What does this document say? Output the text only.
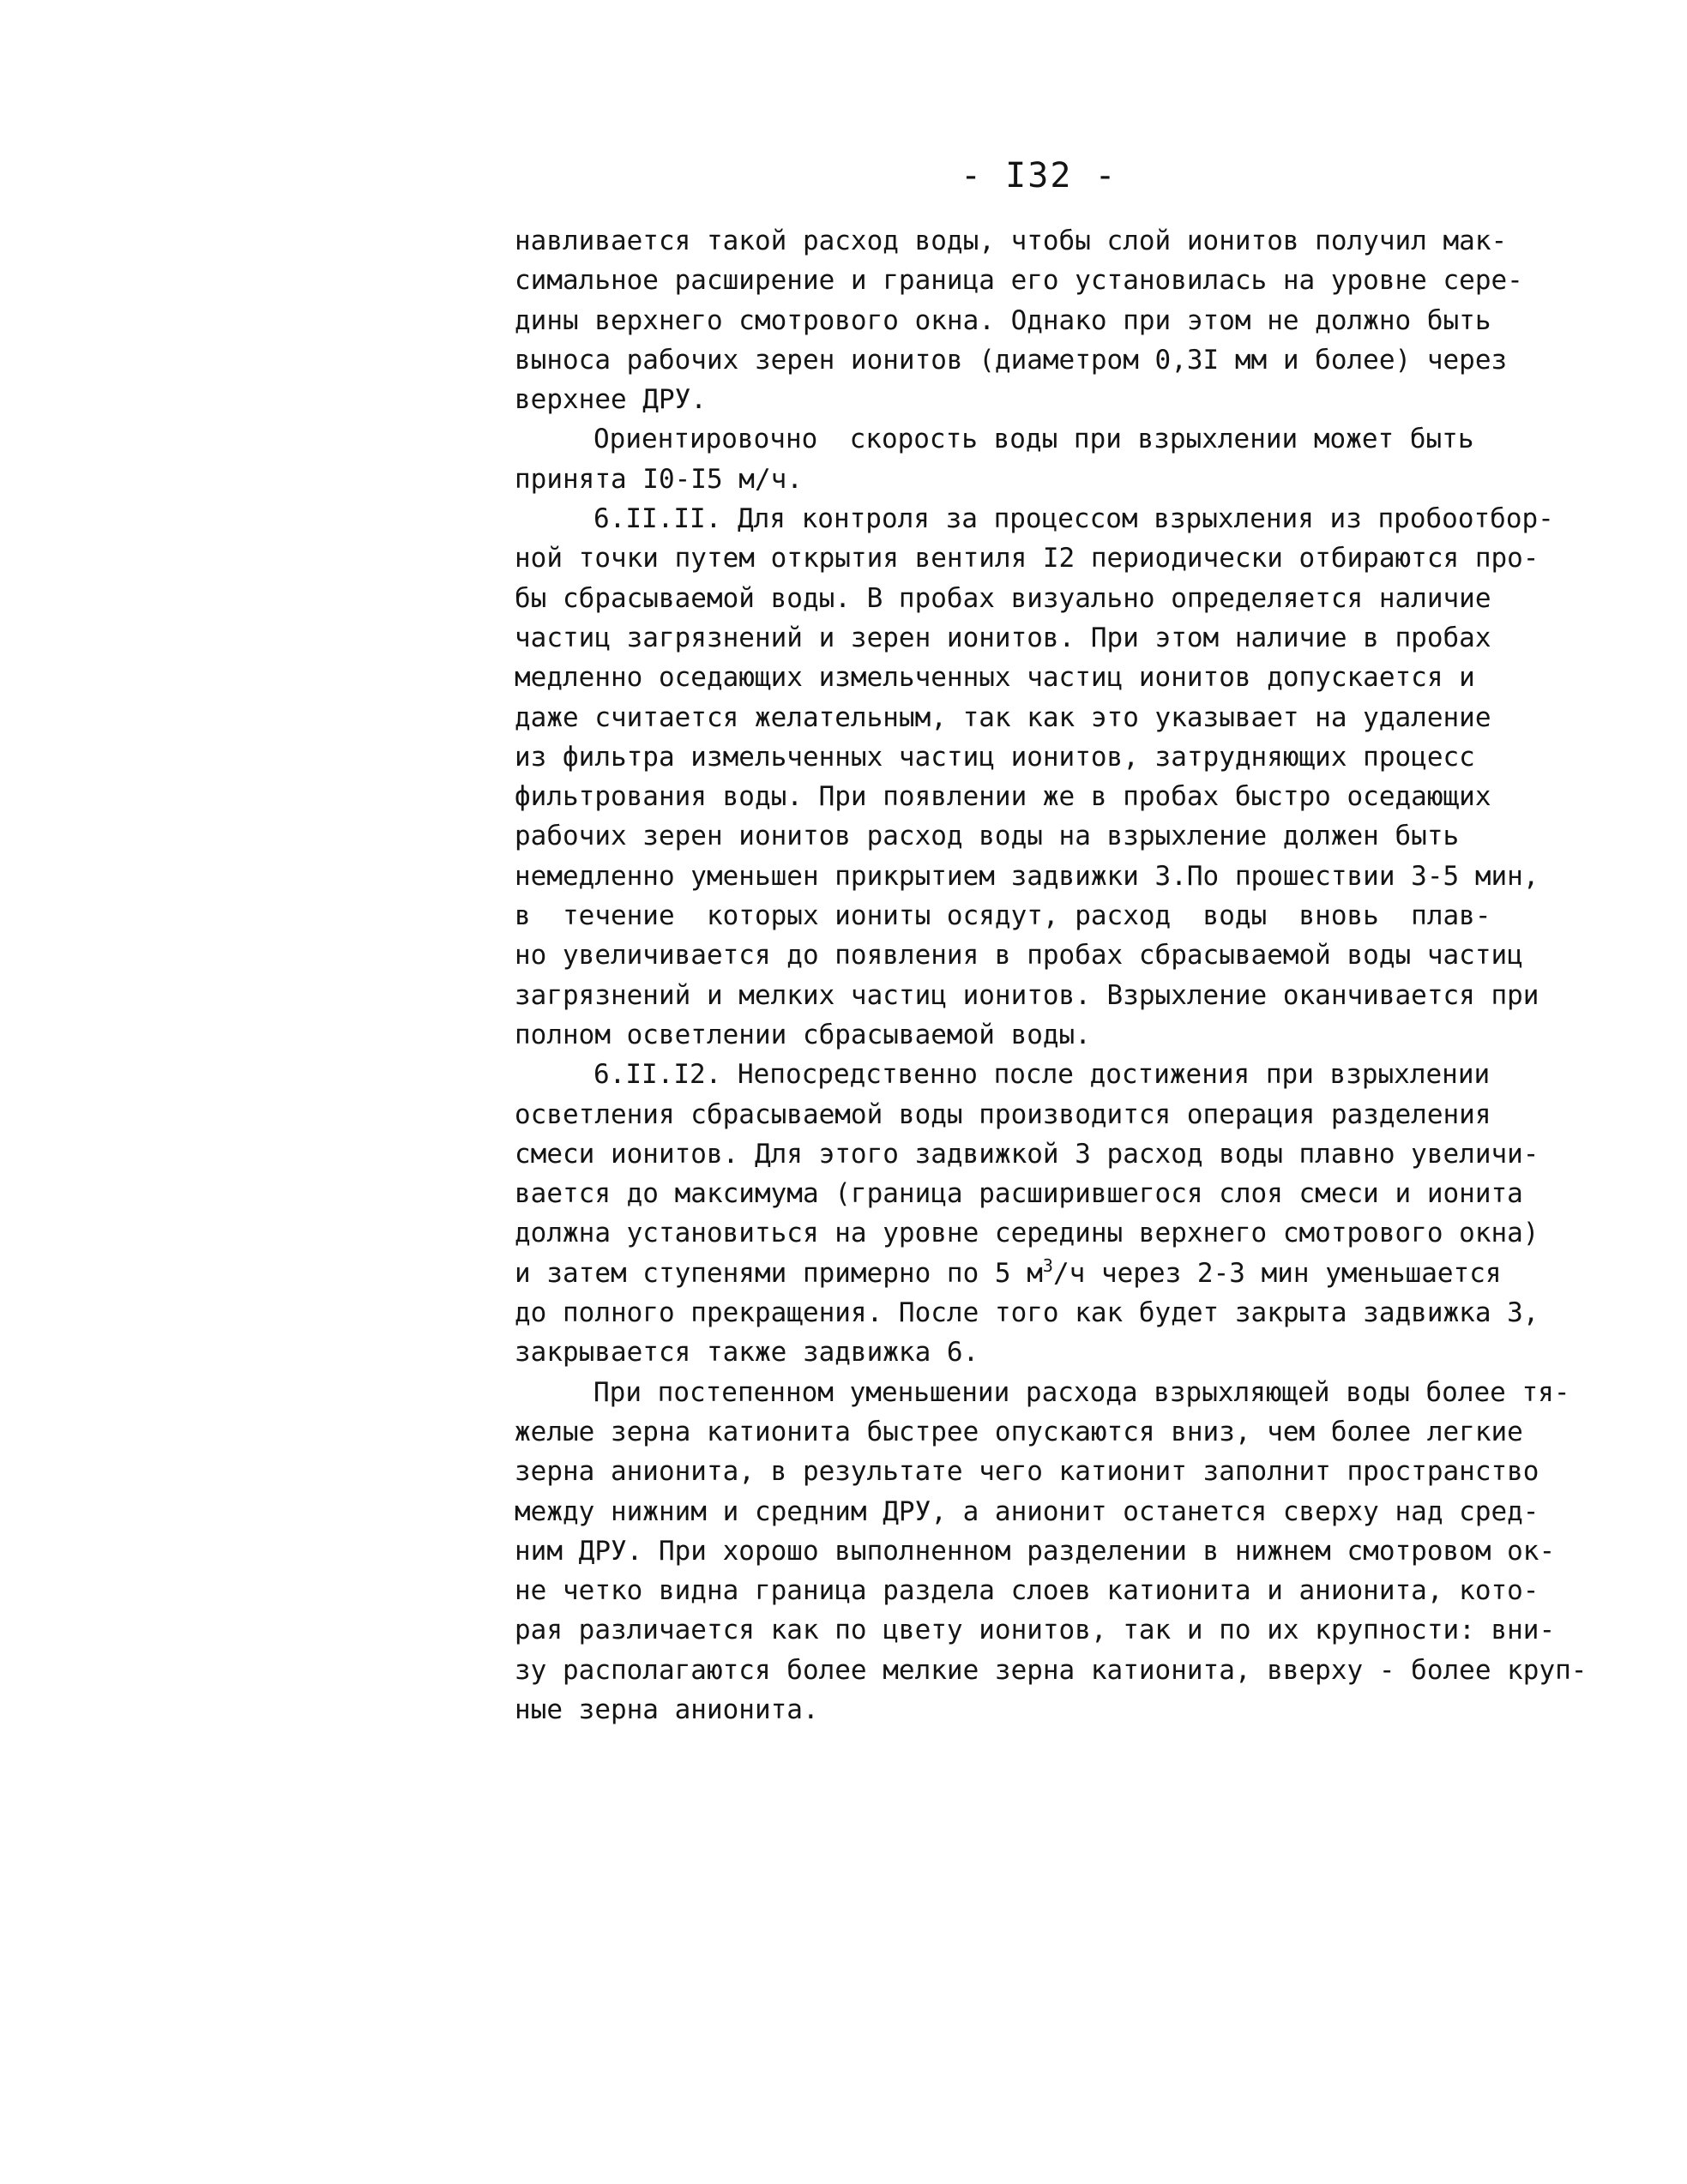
- I32 -
навливается такой расход воды, чтобы слой ионитов получил мак-
симальное расширение и граница его установилась на уровне сере-
дины верхнего смотрового окна. Однако при этом не должно быть
выноса рабочих зерен ионитов (диаметром 0,3I мм и более) через
верхнее ДРУ.
Ориентировочно  скорость воды при взрыхлении может быть
принята I0-I5 м/ч.
6.II.II. Для контроля за процессом взрыхления из пробоотбор-
ной точки путем открытия вентиля I2 периодически отбираются про-
бы сбрасываемой воды. В пробах визуально определяется наличие
частиц загрязнений и зерен ионитов. При этом наличие в пробах
медленно оседающих измельченных частиц ионитов допускается и
даже считается желательным, так как это указывает на удаление
из фильтра измельченных частиц ионитов, затрудняющих процесс
фильтрования воды. При появлении же в пробах быстро оседающих
рабочих зерен ионитов расход воды на взрыхление должен быть
немедленно уменьшен прикрытием задвижки 3.По прошествии 3-5 мин,
в  течение  которых иониты осядут, расход  воды  вновь  плав-
но увеличивается до появления в пробах сбрасываемой воды частиц
загрязнений и мелких частиц ионитов. Взрыхление оканчивается при
полном осветлении сбрасываемой воды.
6.II.I2. Непосредственно после достижения при взрыхлении
осветления сбрасываемой воды производится операция разделения
смеси ионитов. Для этого задвижкой 3 расход воды плавно увеличи-
вается до максимума (граница расширившегося слоя смеси и ионита
должна установиться на уровне середины верхнего смотрового окна)
и затем ступенями примерно по 5 $м^3/ч$ через 2-3 мин уменьшается
до полного прекращения. После того как будет закрыта задвижка 3,
закрывается также задвижка 6.
При постепенном уменьшении расхода взрыхляющей воды более тя-
желые зерна катионита быстрее опускаются вниз, чем более легкие
зерна анионита, в результате чего катионит заполнит пространство
между нижним и средним ДРУ, а анионит останется сверху над сред-
ним ДРУ. При хорошо выполненном разделении в нижнем смотровом ок-
не четко видна граница раздела слоев катионита и анионита, кото-
рая различается как по цвету ионитов, так и по их крупности: вни-
зу располагаются более мелкие зерна катионита, вверху - более круп-
ные зерна анионита.
